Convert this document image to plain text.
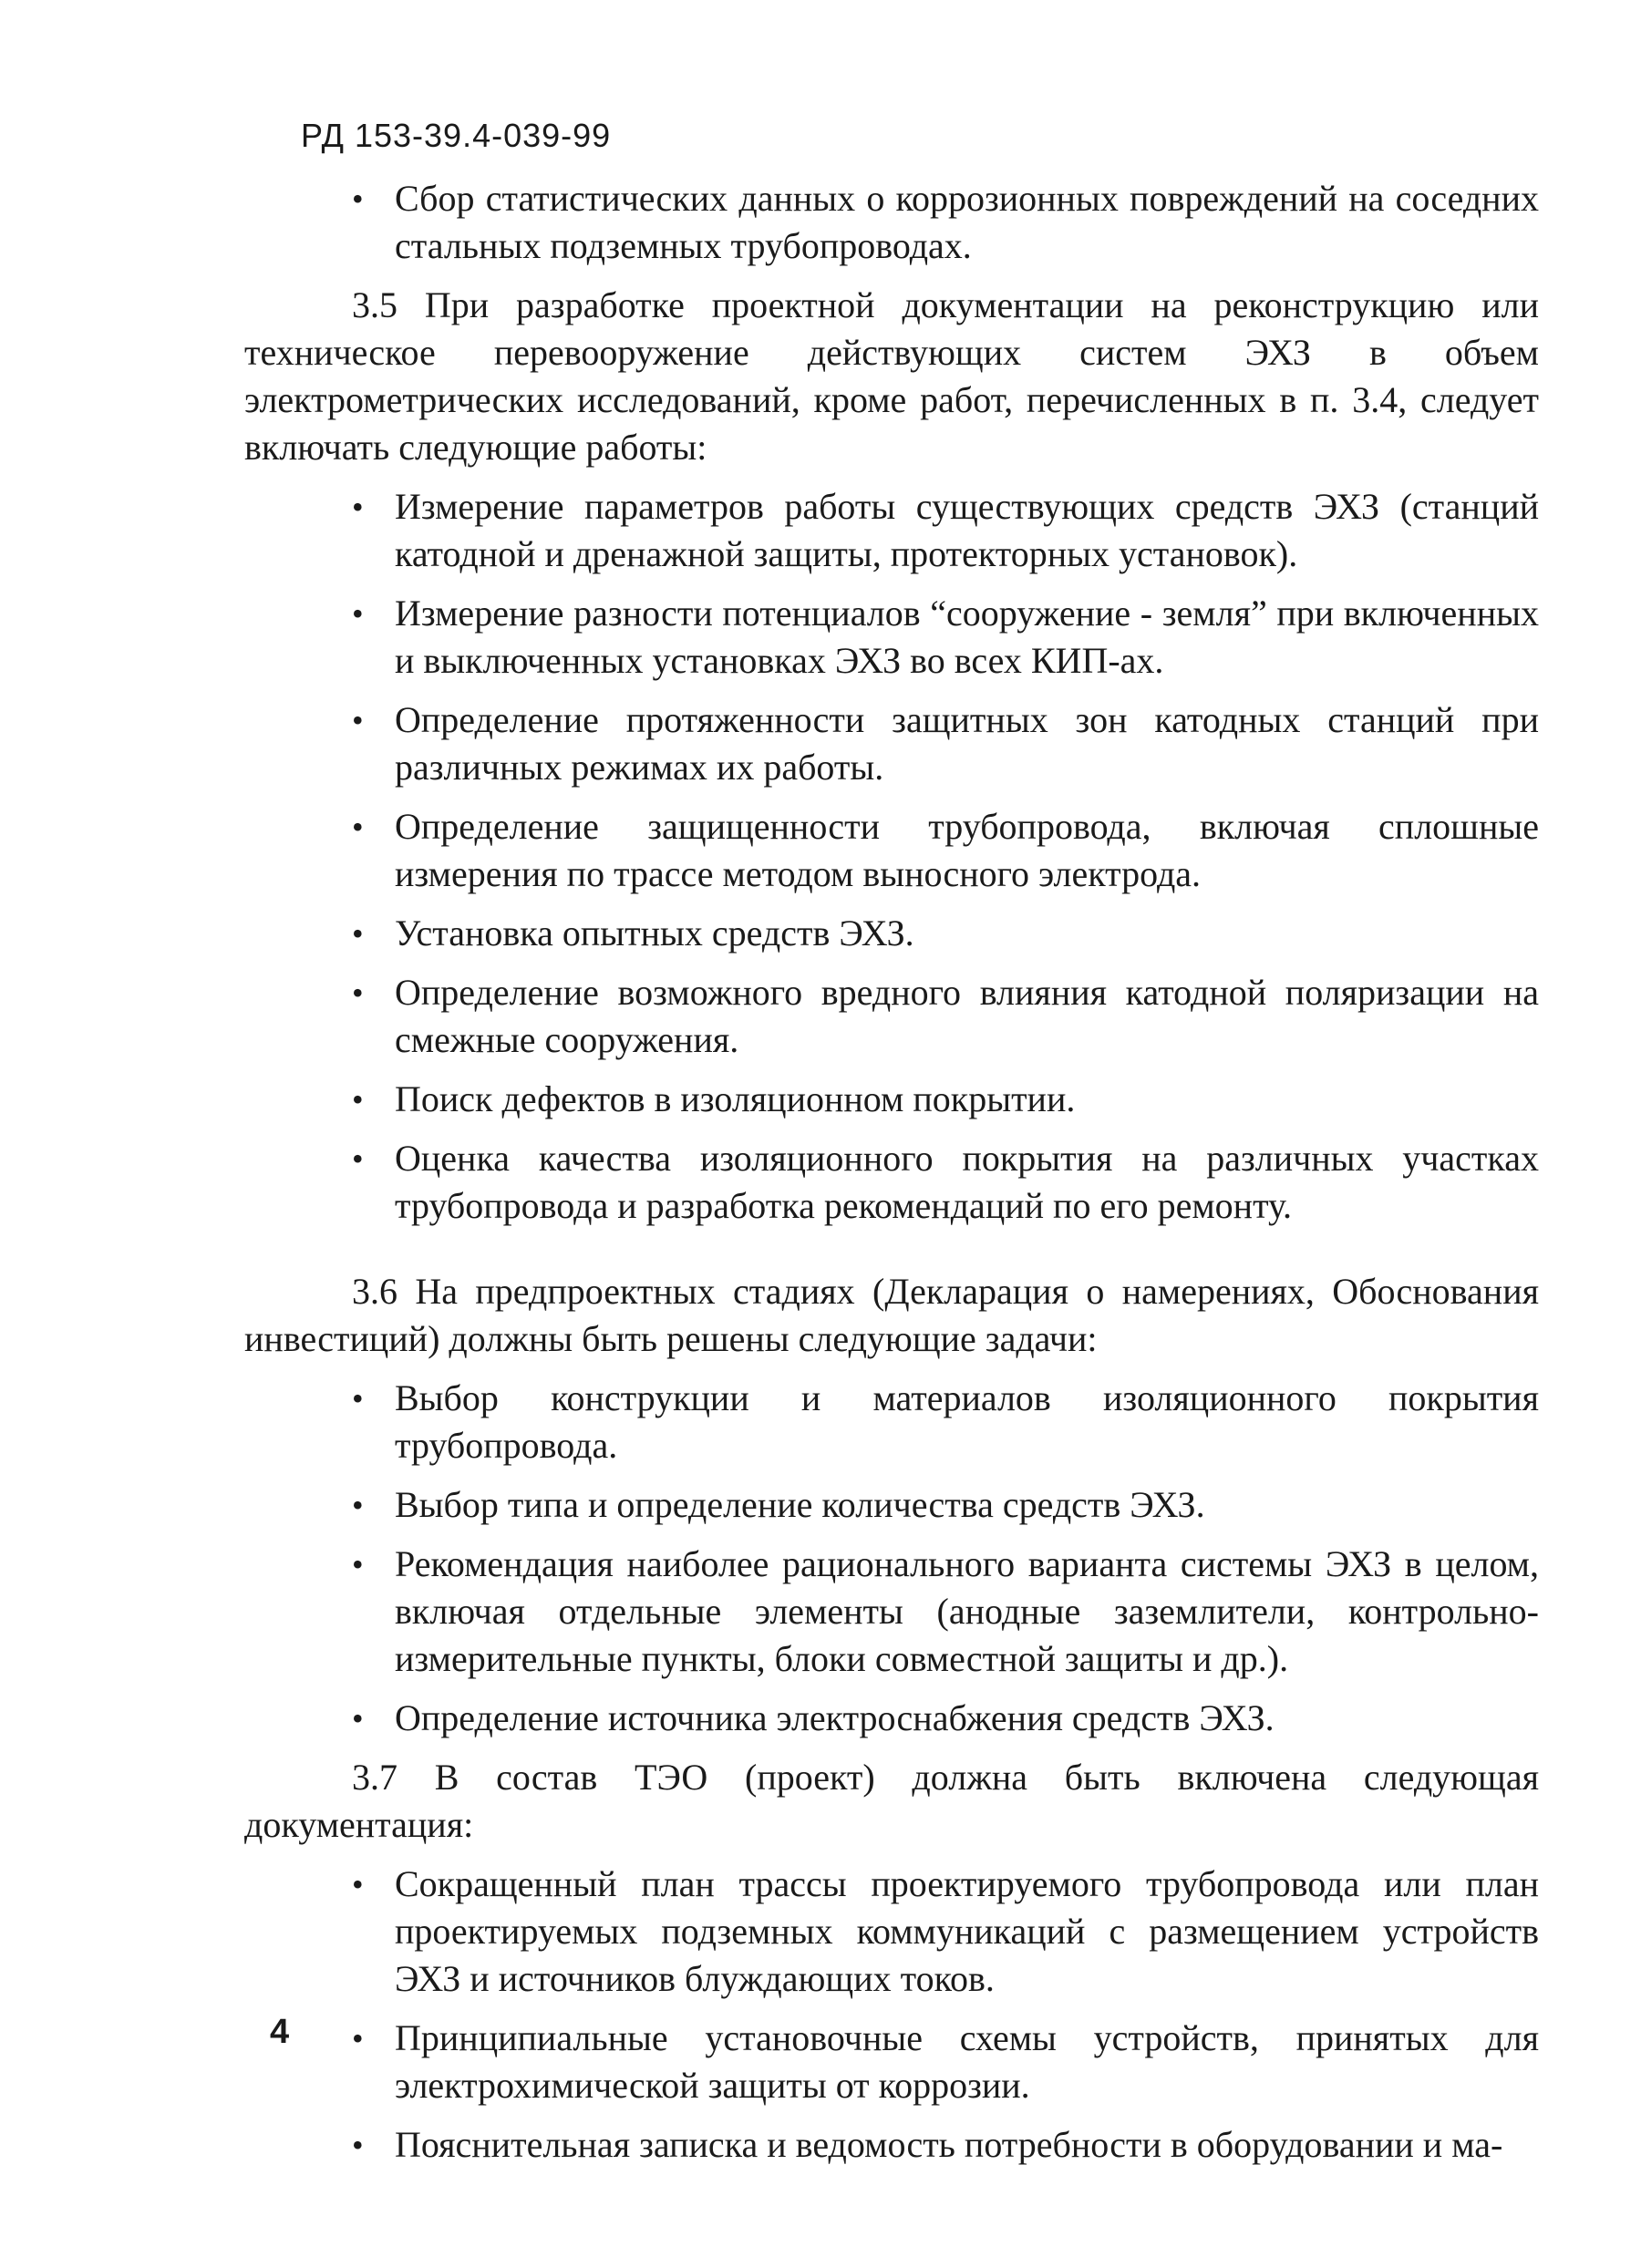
РД 153-39.4-039-99
• Сбор статистических данных о коррозионных повреждений на соседних стальных подземных трубопроводах.

3.5 При разработке проектной документации на реконструкцию или техническое перевооружение действующих систем ЭХЗ в объем электрометрических исследований, кроме работ, перечисленных в п. 3.4, следует включать следующие работы:

• Измерение параметров работы существующих средств ЭХЗ (станций катодной и дренажной защиты, протекторных установок).
• Измерение разности потенциалов “сооружение - земля” при включенных и выключенных установках ЭХЗ во всех КИП-ах.
• Определение протяженности защитных зон катодных станций при различных режимах их работы.
• Определение защищенности трубопровода, включая сплошные измерения по трассе методом выносного электрода.
• Установка опытных средств ЭХЗ.
• Определение возможного вредного влияния катодной поляризации на смежные сооружения.
• Поиск дефектов в изоляционном покрытии.
• Оценка качества изоляционного покрытия на различных участках трубопровода и разработка рекомендаций по его ремонту.

3.6 На предпроектных стадиях (Декларация о намерениях, Обоснования инвестиций) должны быть решены следующие задачи:

• Выбор конструкции и материалов изоляционного покрытия трубопровода.
• Выбор типа и определение количества средств ЭХЗ.
• Рекомендация наиболее рационального варианта системы ЭХЗ в целом, включая отдельные элементы (анодные заземлители, контрольно-измерительные пункты, блоки совместной защиты и др.).
• Определение источника электроснабжения средств ЭХЗ.

3.7 В состав ТЭО (проект) должна быть включена следующая документация:

• Сокращенный план трассы проектируемого трубопровода или план проектируемых подземных коммуникаций с размещением устройств ЭХЗ и источников блуждающих токов.
• Принципиальные установочные схемы устройств, принятых для электрохимической защиты от коррозии.
• Пояснительная записка и ведомость потребности в оборудовании и ма-
4
